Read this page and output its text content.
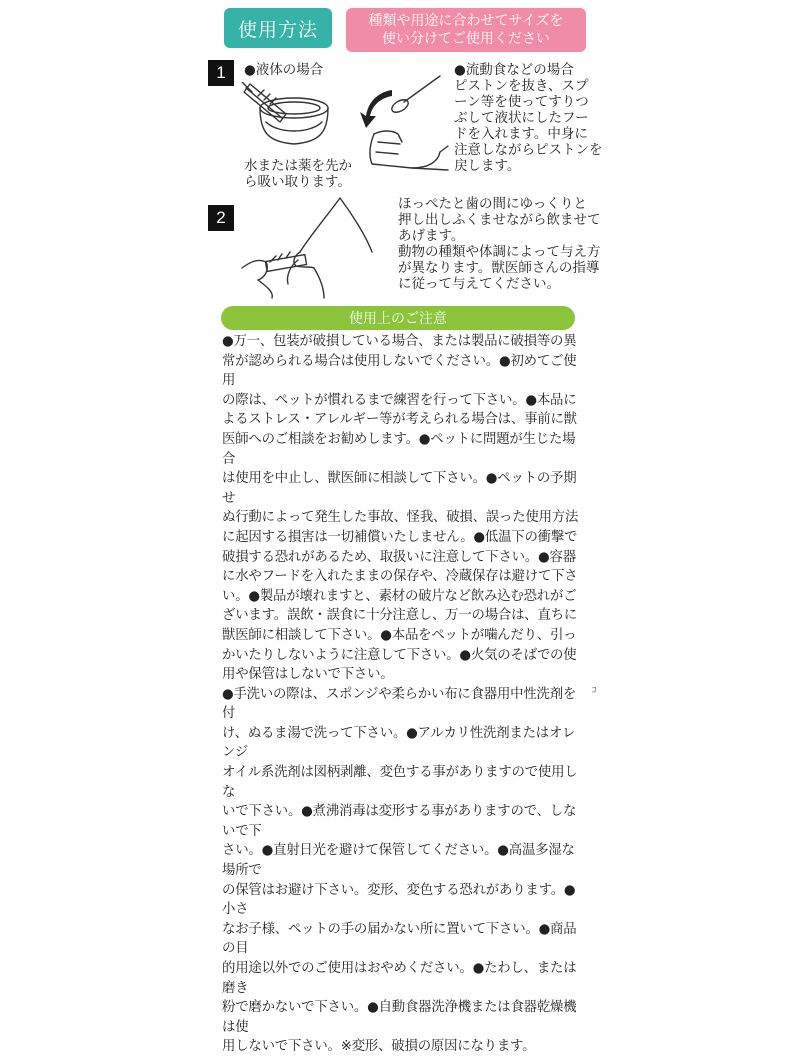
使用方法	種類や用途に合わせてサイズを
使い分けてご使用ください
1	●液体の場合
水または薬を先か
ら吸い取ります。
●流動食などの場合
ピストンを抜き、スプ
ーン等を使ってすりつ
ぶして液状にしたフー
ドを入れます。中身に
注意しながらピストンを
戻します。
2
ほっぺたと歯の間にゆっくりと
押し出しふくませながら飲ませて
あげます。
動物の種類や体調によって与え方
が異なります。獣医師さんの指導
に従って与えてください。
使用上のご注意

●万一、包装が破損している場合、または製品に破損等の異
常が認められる場合は使用しないでください。●初めてご使用
の際は、ペットが慣れるまで練習を行って下さい。●本品に
よるストレス・アレルギー等が考えられる場合は、事前に獣
医師へのご相談をお勧めします。●ペットに問題が生じた場合
は使用を中止し、獣医師に相談して下さい。●ペットの予期せ
ぬ行動によって発生した事故、怪我、破損、誤った使用方法
に起因する損害は一切補償いたしません。●低温下の衝撃で
破損する恐れがあるため、取扱いに注意して下さい。●容器
に水やフードを入れたままの保存や、冷蔵保存は避けて下さ
い。●製品が壊れますと、素材の破片など飲み込む恐れがご
ざいます。誤飲・誤食に十分注意し、万一の場合は、直ちに
獣医師に相談して下さい。●本品をペットが噛んだり、引っ
かいたりしないように注意して下さい。●火気のそばでの使
用や保管はしないで下さい。

●手洗いの際は、スポンジや柔らかい布に食器用中性洗剤を付
け、ぬるま湯で洗って下さい。●アルカリ性洗剤またはオレンジ
オイル系洗剤は図柄剥離、変色する事がありますので使用しな
いで下さい。●煮沸消毒は変形する事がありますので、しないで下
さい。●直射日光を避けて保管してください。●高温多湿な場所で
の保管はお避け下さい。変形、変色する恐れがあります。●小さ
なお子様、ペットの手の届かない所に置いて下さい。●商品の目
的用途以外でのご使用はおやめください。●たわし、または磨き
粉で磨かないで下さい。●自動食器洗浄機または食器乾燥機は使
用しないで下さい。※変形、破損の原因になります。

ｺ
